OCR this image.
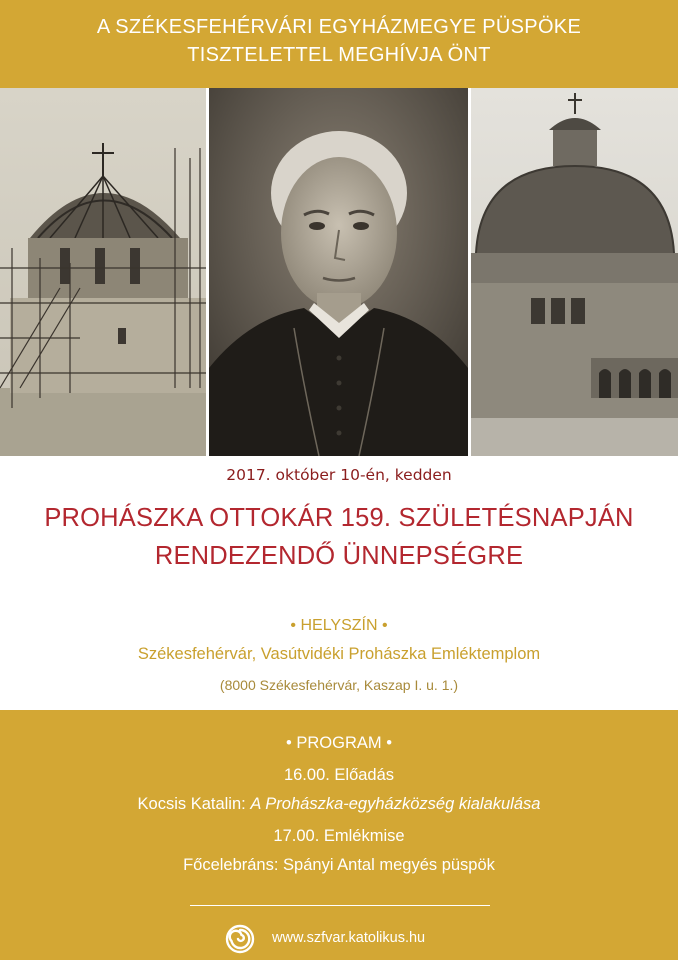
A SZÉKESFEHÉRVÁRI EGYHÁZMEGYE PÜSPÖKE
TISZTELETTEL MEGHÍVJA ÖNT
2017. október 10-én, kedden
PROHÁSZKA OTTOKÁR 159. SZÜLETÉSNAPJÁN
RENDEZENDŐ ÜNNEPSÉGRE
• HELYSZÍN •
Székesfehérvár, Vasútvidéki Prohászka Emléktemplom
(8000 Székesfehérvár, Kaszap I. u. 1.)
• PROGRAM •
16.00. Előadás
Kocsis Katalin: A Prohászka-egyházközség kialakulása
17.00. Emlékmise
Főcelebráns: Spányi Antal megyés püspök
www.szfvar.katolikus.hu
